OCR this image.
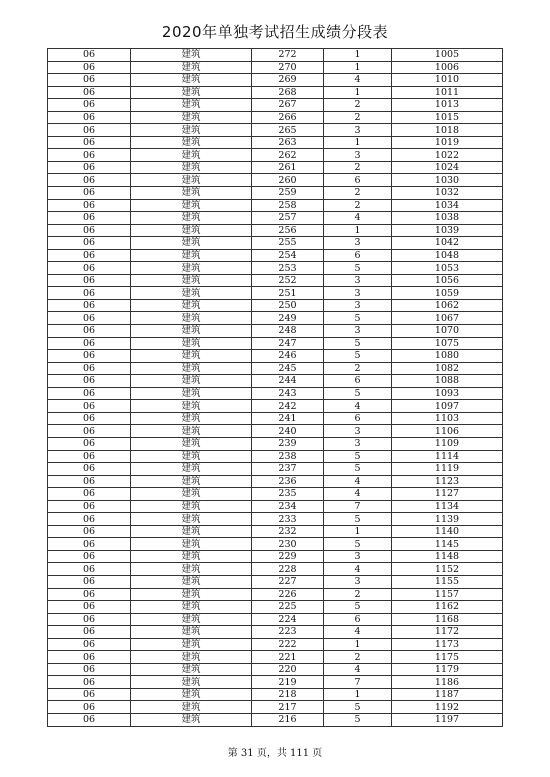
2020年单独考试招生成绩分段表
06	建筑	272	1	1005
06	建筑	270	1	1006
06	建筑	269	4	1010
06	建筑	268	1	1011
06	建筑	267	2	1013
06	建筑	266	2	1015
06	建筑	265	3	1018
06	建筑	263	1	1019
06	建筑	262	3	1022
06	建筑	261	2	1024
06	建筑	260	6	1030
06	建筑	259	2	1032
06	建筑	258	2	1034
06	建筑	257	4	1038
06	建筑	256	1	1039
06	建筑	255	3	1042
06	建筑	254	6	1048
06	建筑	253	5	1053
06	建筑	252	3	1056
06	建筑	251	3	1059
06	建筑	250	3	1062
06	建筑	249	5	1067
06	建筑	248	3	1070
06	建筑	247	5	1075
06	建筑	246	5	1080
06	建筑	245	2	1082
06	建筑	244	6	1088
06	建筑	243	5	1093
06	建筑	242	4	1097
06	建筑	241	6	1103
06	建筑	240	3	1106
06	建筑	239	3	1109
06	建筑	238	5	1114
06	建筑	237	5	1119
06	建筑	236	4	1123
06	建筑	235	4	1127
06	建筑	234	7	1134
06	建筑	233	5	1139
06	建筑	232	1	1140
06	建筑	230	5	1145
06	建筑	229	3	1148
06	建筑	228	4	1152
06	建筑	227	3	1155
06	建筑	226	2	1157
06	建筑	225	5	1162
06	建筑	224	6	1168
06	建筑	223	4	1172
06	建筑	222	1	1173
06	建筑	221	2	1175
06	建筑	220	4	1179
06	建筑	219	7	1186
06	建筑	218	1	1187
06	建筑	217	5	1192
06	建筑	216	5	1197
第 31 页，共 111 页
